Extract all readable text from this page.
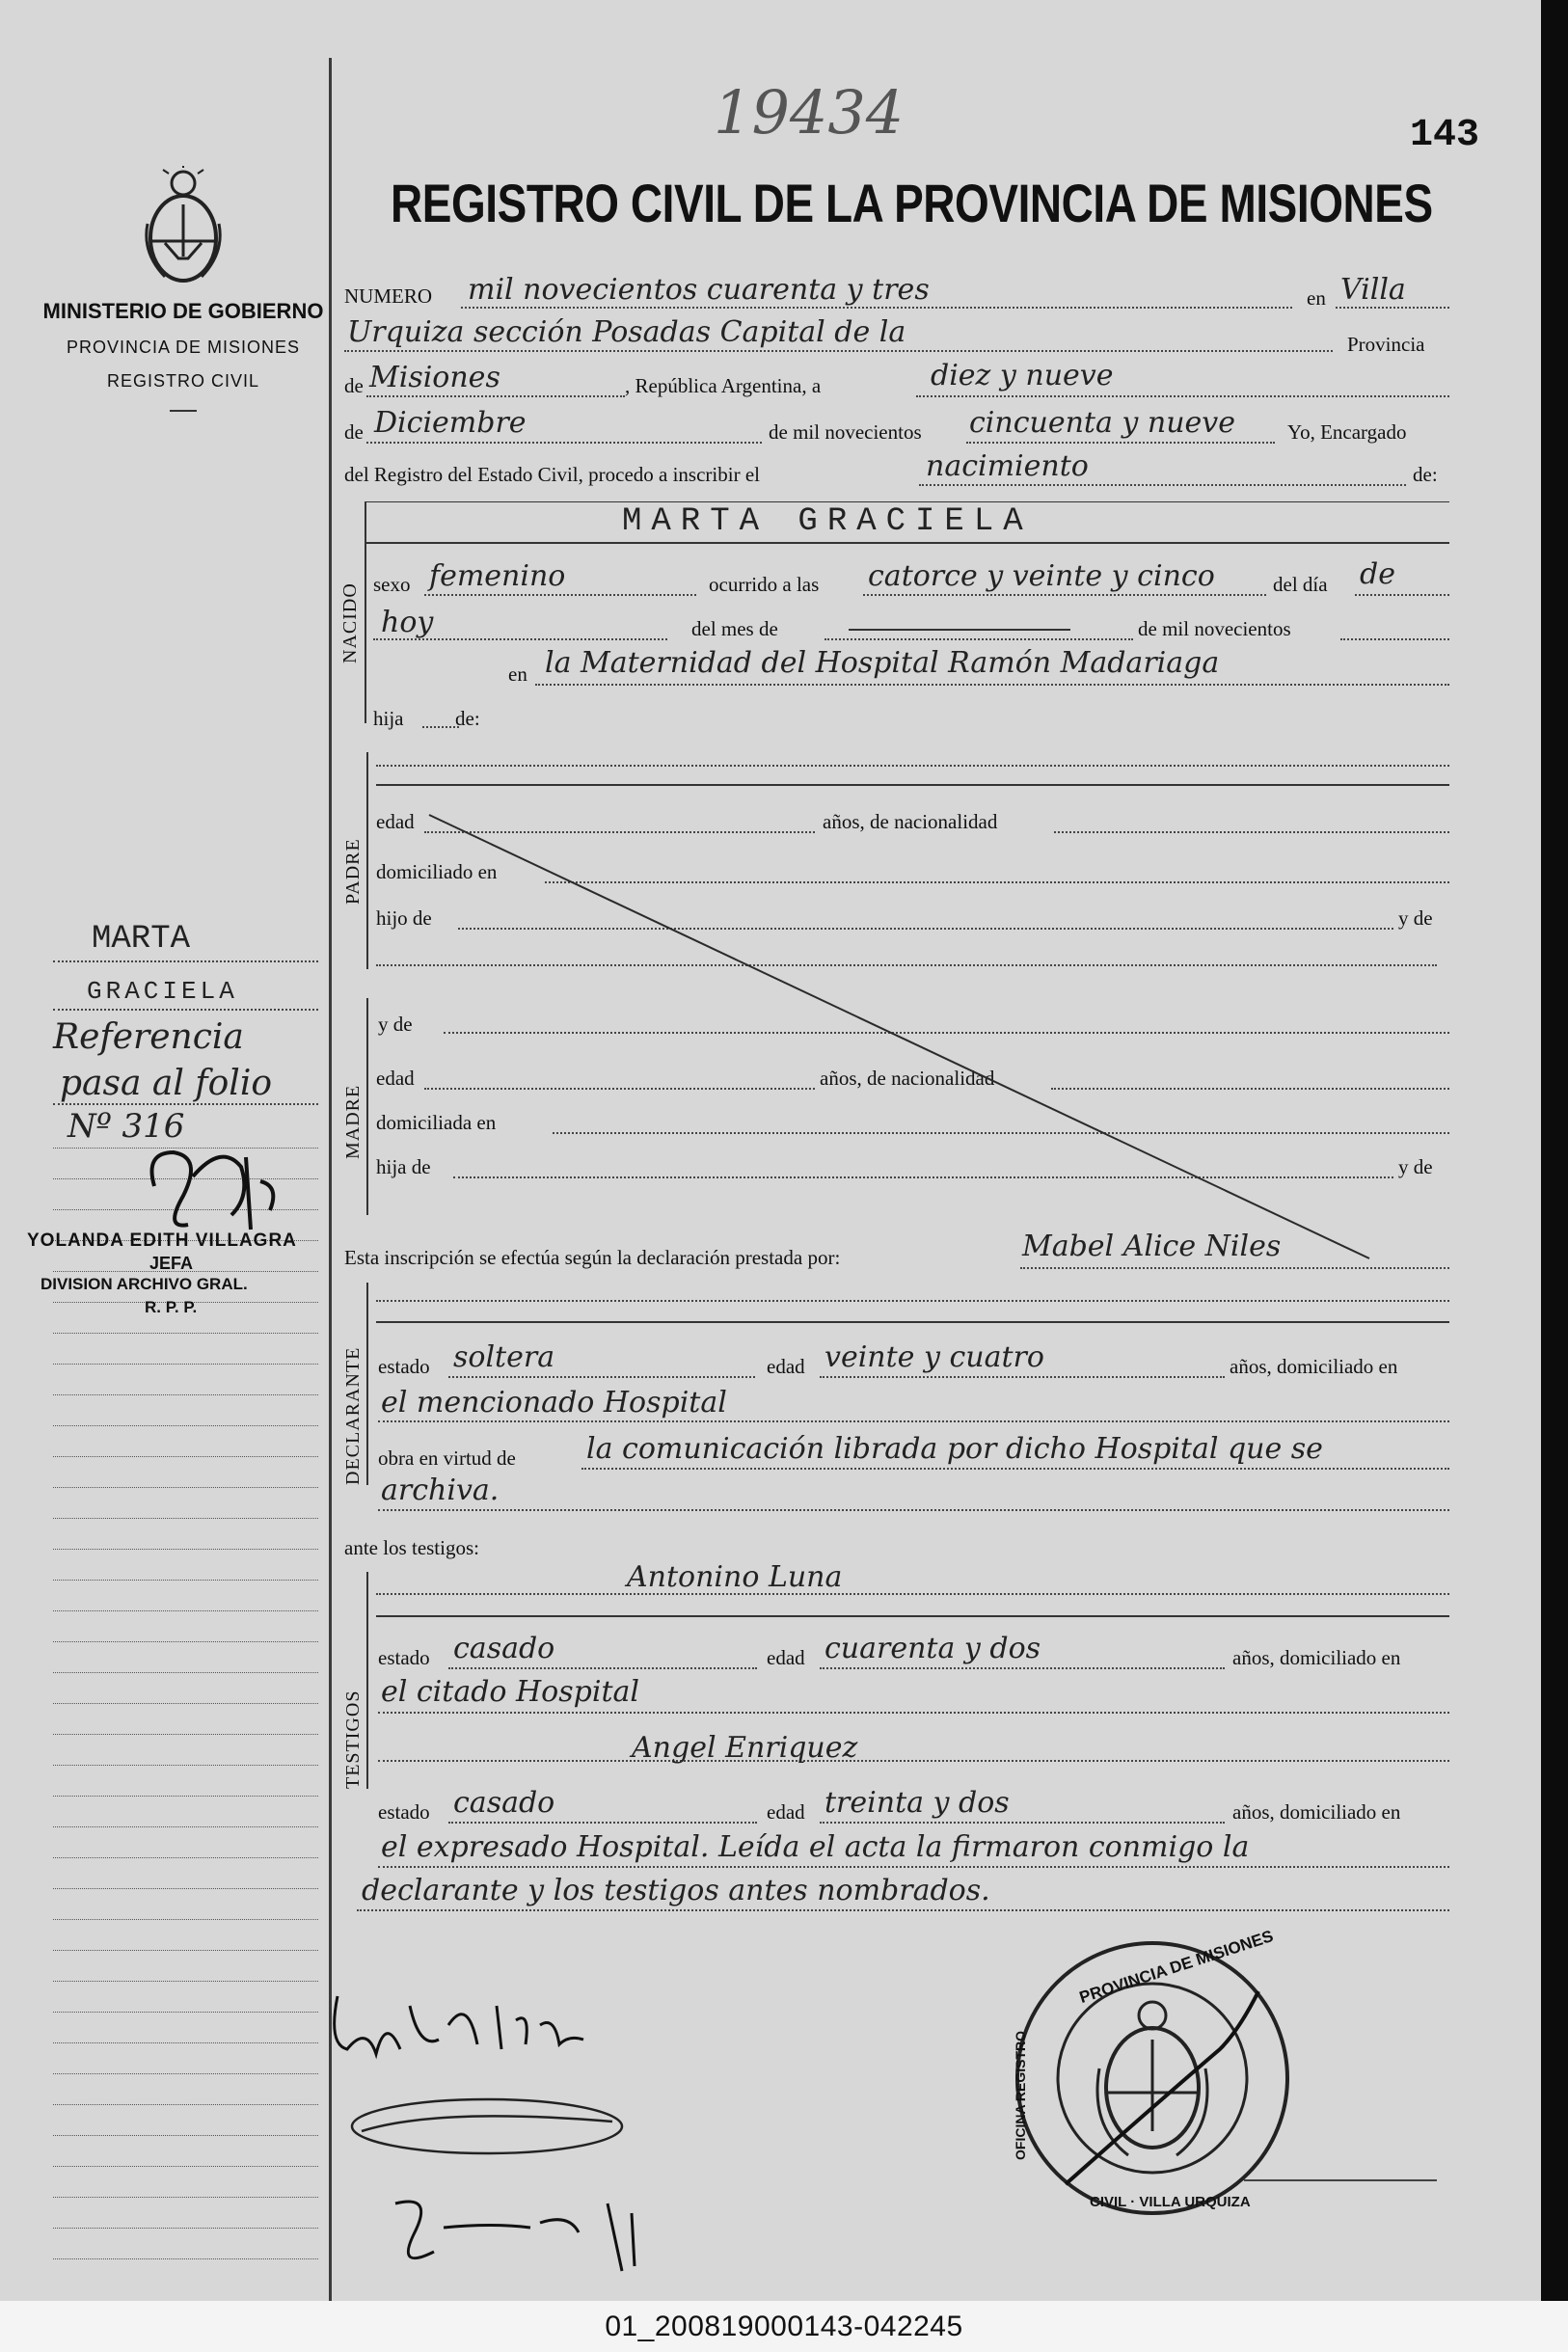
19434	143
MINISTERIO DE GOBIERNO
PROVINCIA DE MISIONES
REGISTRO CIVIL
MARTA
GRACIELA
Referencia
pasa al folio
Nº 316
YOLANDA EDITH VILLAGRA
JEFA
DIVISION ARCHIVO GRAL.
R. P. P.
REGISTRO CIVIL DE LA PROVINCIA DE MISIONES
NUMERO mil novecientos cuarenta y tres	en Villa
Urquiza sección Posadas Capital de la	Provincia
de Misiones	, República Argentina, a	diez y nueve
de Diciembre	de mil novecientos cincuenta y nueve	Yo, Encargado
del Registro del Estado Civil, procedo a inscribir el	nacimiento	de:
NACIDO
MARTA GRACIELA
sexo femenino	ocurrido a las catorce y veinte y cinco	del día de
hoy	del mes de	de mil novecientos
en la Maternidad del Hospital Ramón Madariaga
hija	de:
PADRE
edad	años, de nacionalidad
domiciliado en
hijo de	y de
MADRE
y de
edad	años, de nacionalidad
domiciliada en
hija de	y de
Esta inscripción se efectúa según la declaración prestada por:	Mabel Alice Niles
DECLARANTE estado soltera	edad veinte y cuatro	años, domiciliado en
el mencionado Hospital
obra en virtud de la comunicación librada por dicho Hospital que se
archiva.
ante los testigos:
TESTIGOS
Antonino Luna
estado casado	edad cuarenta y dos	años, domiciliado en
el citado Hospital
Angel Enriquez
estado casado	edad treinta y dos	años, domiciliado en
el expresado Hospital. Leída el acta la firmaron conmigo la
declarante y los testigos antes nombrados.
PROVINCIA DE MISIONES
OFICINA REGISTRO
CIVIL · VILLA URQUIZA
01_200819000143-042245
